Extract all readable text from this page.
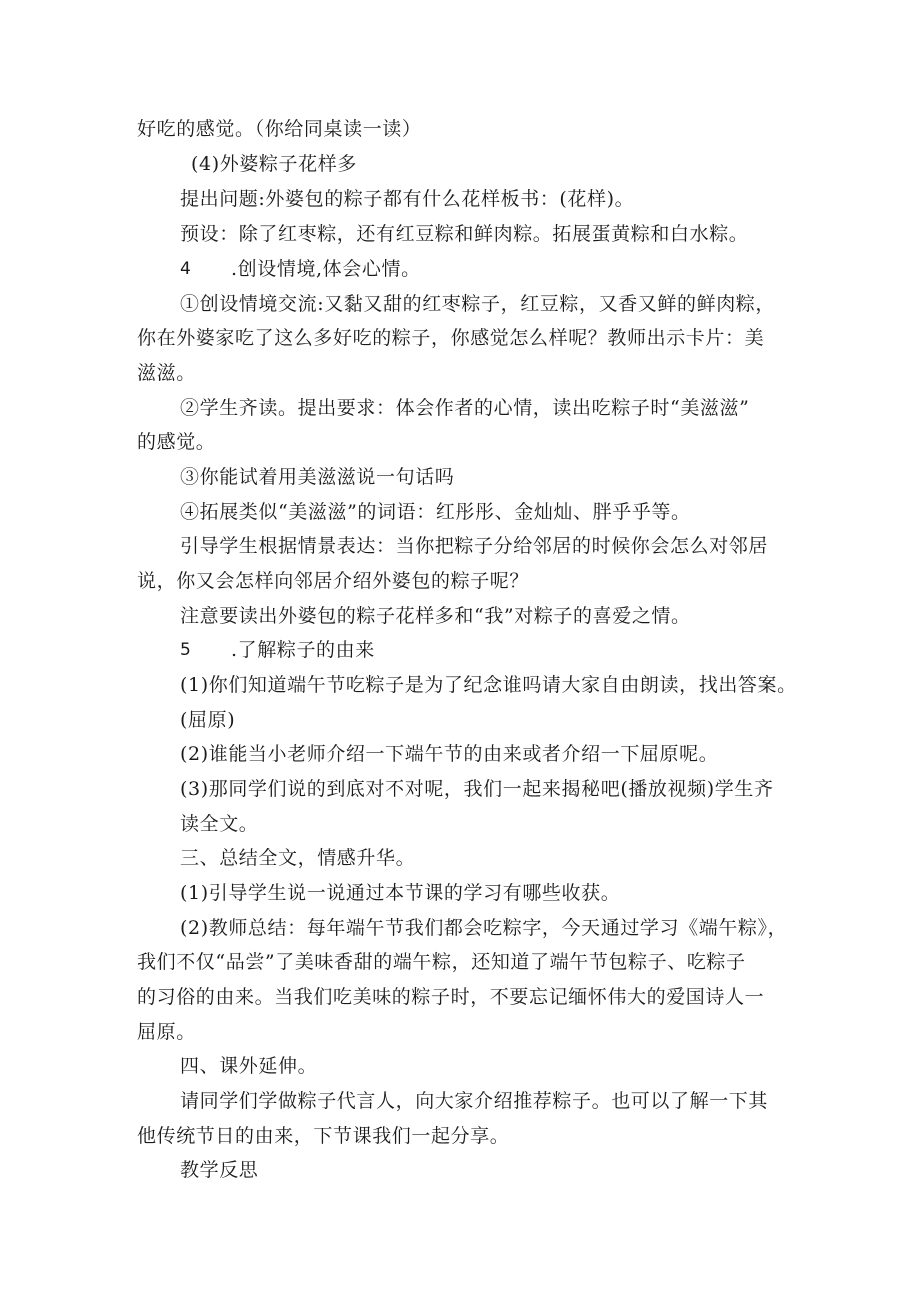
好吃的感觉。（你给同桌读一读）
(4)外婆粽子花样多
提出问题:外婆包的粽子都有什么花样板书：(花样)。
预设：除了红枣粽，还有红豆粽和鲜肉粽。拓展蛋黄粽和白水粽。
4 .创设情境,体会心情。
①创设情境交流:又黏又甜的红枣粽子，红豆粽，又香又鲜的鲜肉粽，
你在外婆家吃了这么多好吃的粽子，你感觉怎么样呢？教师出示卡片：美
滋滋。
②学生齐读。提出要求：体会作者的心情，读出吃粽子时“美滋滋”
的感觉。
③你能试着用美滋滋说一句话吗
④拓展类似“美滋滋”的词语：红彤彤、金灿灿、胖乎乎等。
引导学生根据情景表达：当你把粽子分给邻居的时候你会怎么对邻居
说，你又会怎样向邻居介绍外婆包的粽子呢？
注意要读出外婆包的粽子花样多和“我”对粽子的喜爱之情。
5 .了解粽子的由来
(1)你们知道端午节吃粽子是为了纪念谁吗请大家自由朗读，找出答案。
(屈原)
(2)谁能当小老师介绍一下端午节的由来或者介绍一下屈原呢。
(3)那同学们说的到底对不对呢，我们一起来揭秘吧(播放视频)学生齐
读全文。
三、总结全文，情感升华。
(1)引导学生说一说通过本节课的学习有哪些收获。
(2)教师总结：每年端午节我们都会吃粽字，今天通过学习《端午粽》，
我们不仅“品尝”了美味香甜的端午粽，还知道了端午节包粽子、吃粽子
的习俗的由来。当我们吃美味的粽子时，不要忘记缅怀伟大的爱国诗人一
屈原。
四、课外延伸。
请同学们学做粽子代言人，向大家介绍推荐粽子。也可以了解一下其
他传统节日的由来，下节课我们一起分享。
教学反思
